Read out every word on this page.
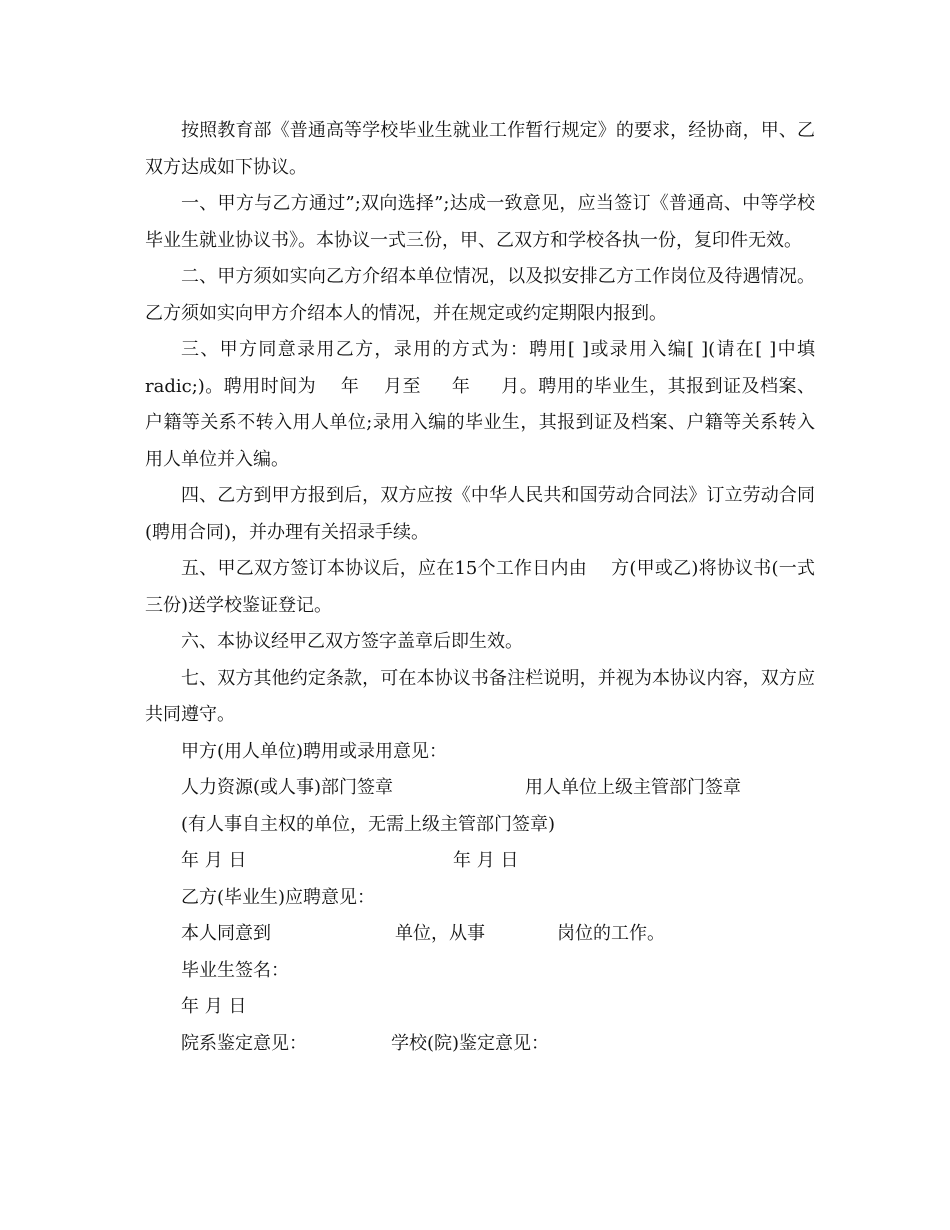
按照教育部《普通高等学校毕业生就业工作暂行规定》的要求，经协商，甲、乙双方达成如下协议。

一、甲方与乙方通过”;双向选择”;达成一致意见，应当签订《普通高、中等学校毕业生就业协议书》。本协议一式三份，甲、乙双方和学校各执一份，复印件无效。

二、甲方须如实向乙方介绍本单位情况，以及拟安排乙方工作岗位及待遇情况。乙方须如实向甲方介绍本人的情况，并在规定或约定期限内报到。

三、甲方同意录用乙方，录用的方式为：聘用[ ]或录用入编[ ](请在[ ]中填radic;)。聘用时间为　 年 　月至 　 年 　 月。聘用的毕业生，其报到证及档案、户籍等关系不转入用人单位;录用入编的毕业生，其报到证及档案、户籍等关系转入用人单位并入编。

四、乙方到甲方报到后，双方应按《中华人民共和国劳动合同法》订立劳动合同(聘用合同)，并办理有关招录手续。

五、甲乙双方签订本协议后，应在15个工作日内由　 方(甲或乙)将协议书(一式三份)送学校鉴证登记。

六、本协议经甲乙双方签字盖章后即生效。

七、双方其他约定条款，可在本协议书备注栏说明，并视为本协议内容，双方应共同遵守。

甲方(用人单位)聘用或录用意见：
人力资源(或人事)部门签章	用人单位上级主管部门签章
(有人事自主权的单位，无需上级主管部门签章)
年 月 日	年 月 日
乙方(毕业生)应聘意见：
本人同意到	单位，从事	岗位的工作。
毕业生签名：
年 月 日
院系鉴定意见：	学校(院)鉴定意见：
